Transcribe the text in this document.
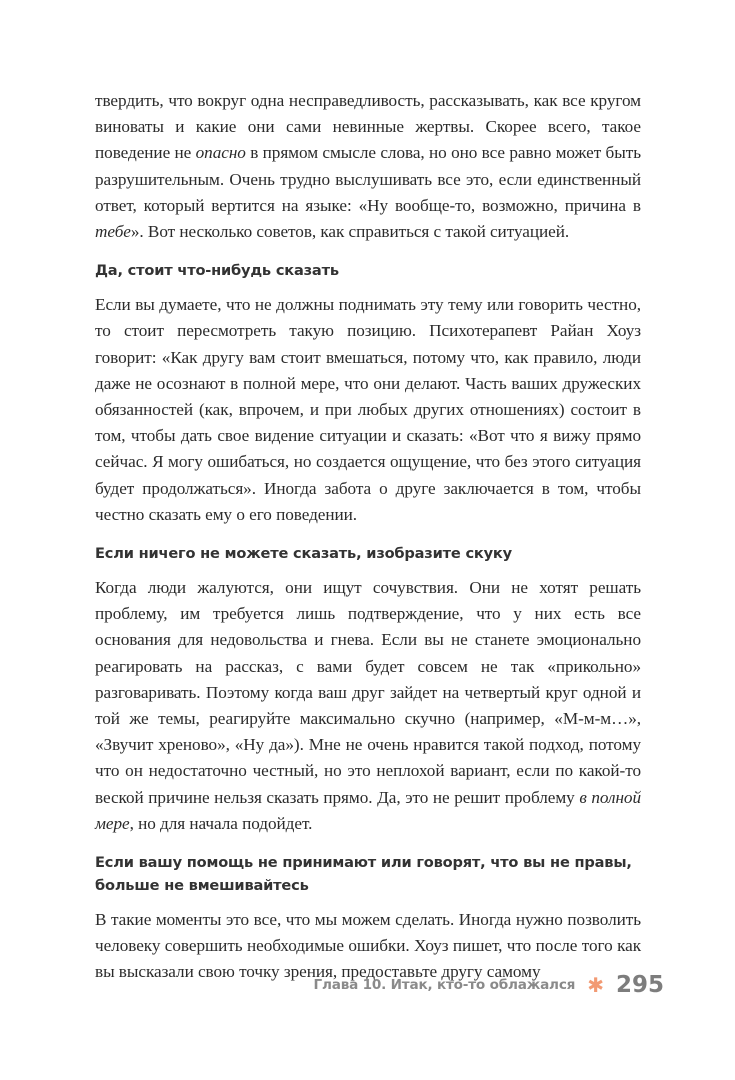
твердить, что вокруг одна несправедливость, рассказывать, как все кругом виноваты и какие они сами невинные жертвы. Скорее всего, такое поведение не опасно в прямом смысле слова, но оно все равно может быть разрушительным. Очень трудно выслушивать все это, если единственный ответ, который вертится на языке: «Ну вообще-то, возможно, причина в тебе». Вот несколько советов, как справиться с такой ситуацией.

Да, стоит что-нибудь сказать

Если вы думаете, что не должны поднимать эту тему или говорить честно, то стоит пересмотреть такую позицию. Психотерапевт Райан Хоуз говорит: «Как другу вам стоит вмешаться, потому что, как правило, люди даже не осознают в полной мере, что они делают. Часть ваших дружеских обязанностей (как, впрочем, и при любых других отношениях) состоит в том, чтобы дать свое видение ситуации и сказать: «Вот что я вижу прямо сейчас. Я могу ошибаться, но создается ощущение, что без этого ситуация будет продолжаться». Иногда забота о друге заключается в том, чтобы честно сказать ему о его поведении.

Если ничего не можете сказать, изобразите скуку

Когда люди жалуются, они ищут сочувствия. Они не хотят решать проблему, им требуется лишь подтверждение, что у них есть все основания для недовольства и гнева. Если вы не станете эмоционально реагировать на рассказ, с вами будет совсем не так «прикольно» разговаривать. Поэтому когда ваш друг зайдет на четвертый круг одной и той же темы, реагируйте максимально скучно (например, «М-м-м…», «Звучит хреново», «Ну да»). Мне не очень нравится такой подход, потому что он недостаточно честный, но это неплохой вариант, если по какой-то веской причине нельзя сказать прямо. Да, это не решит проблему в полной мере, но для начала подойдет.

Если вашу помощь не принимают или говорят, что вы не правы, больше не вмешивайтесь

В такие моменты это все, что мы можем сделать. Иногда нужно позволить человеку совершить необходимые ошибки. Хоуз пишет, что после того как вы высказали свою точку зрения, предоставьте другу самому

Глава 10. Итак, кто-то облажался ✱ 295
